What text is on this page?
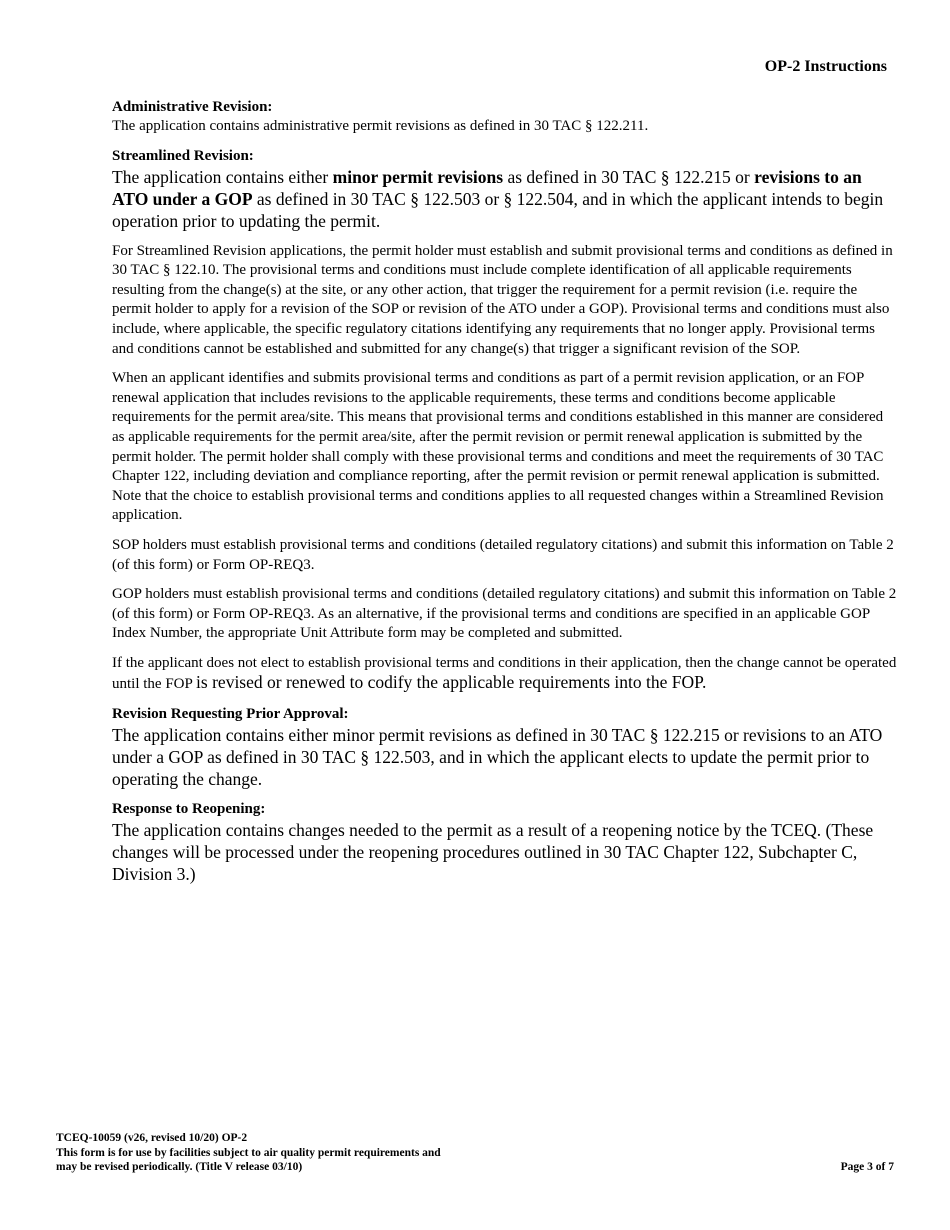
OP-2 Instructions

Administrative Revision:

The application contains administrative permit revisions as defined in 30 TAC § 122.211.

Streamlined Revision:

The application contains either minor permit revisions as defined in 30 TAC § 122.215 or revisions to an ATO under a GOP as defined in 30 TAC § 122.503 or § 122.504, and in which the applicant intends to begin operation prior to updating the permit.

For Streamlined Revision applications, the permit holder must establish and submit provisional terms and conditions as defined in 30 TAC § 122.10. The provisional terms and conditions must include complete identification of all applicable requirements resulting from the change(s) at the site, or any other action, that trigger the requirement for a permit revision (i.e. require the permit holder to apply for a revision of the SOP or revision of the ATO under a GOP). Provisional terms and conditions must also include, where applicable, the specific regulatory citations identifying any requirements that no longer apply. Provisional terms and conditions cannot be established and submitted for any change(s) that trigger a significant revision of the SOP.

When an applicant identifies and submits provisional terms and conditions as part of a permit revision application, or an FOP renewal application that includes revisions to the applicable requirements, these terms and conditions become applicable requirements for the permit area/site. This means that provisional terms and conditions established in this manner are considered as applicable requirements for the permit area/site, after the permit revision or permit renewal application is submitted by the permit holder. The permit holder shall comply with these provisional terms and conditions and meet the requirements of 30 TAC Chapter 122, including deviation and compliance reporting, after the permit revision or permit renewal application is submitted. Note that the choice to establish provisional terms and conditions applies to all requested changes within a Streamlined Revision application.

SOP holders must establish provisional terms and conditions (detailed regulatory citations) and submit this information on Table 2 (of this form) or Form OP-REQ3.

GOP holders must establish provisional terms and conditions (detailed regulatory citations) and submit this information on Table 2 (of this form) or Form OP-REQ3. As an alternative, if the provisional terms and conditions are specified in an applicable GOP Index Number, the appropriate Unit Attribute form may be completed and submitted.

If the applicant does not elect to establish provisional terms and conditions in their application, then the change cannot be operated until the FOP is revised or renewed to codify the applicable requirements into the FOP.

Revision Requesting Prior Approval:

The application contains either minor permit revisions as defined in 30 TAC § 122.215 or revisions to an ATO under a GOP as defined in 30 TAC § 122.503, and in which the applicant elects to update the permit prior to operating the change.

Response to Reopening:

The application contains changes needed to the permit as a result of a reopening notice by the TCEQ. (These changes will be processed under the reopening procedures outlined in 30 TAC Chapter 122, Subchapter C, Division 3.)

TCEQ-10059 (v26, revised 10/20) OP-2
This form is for use by facilities subject to air quality permit requirements and
may be revised periodically. (Title V release 03/10)	Page 3 of 7
